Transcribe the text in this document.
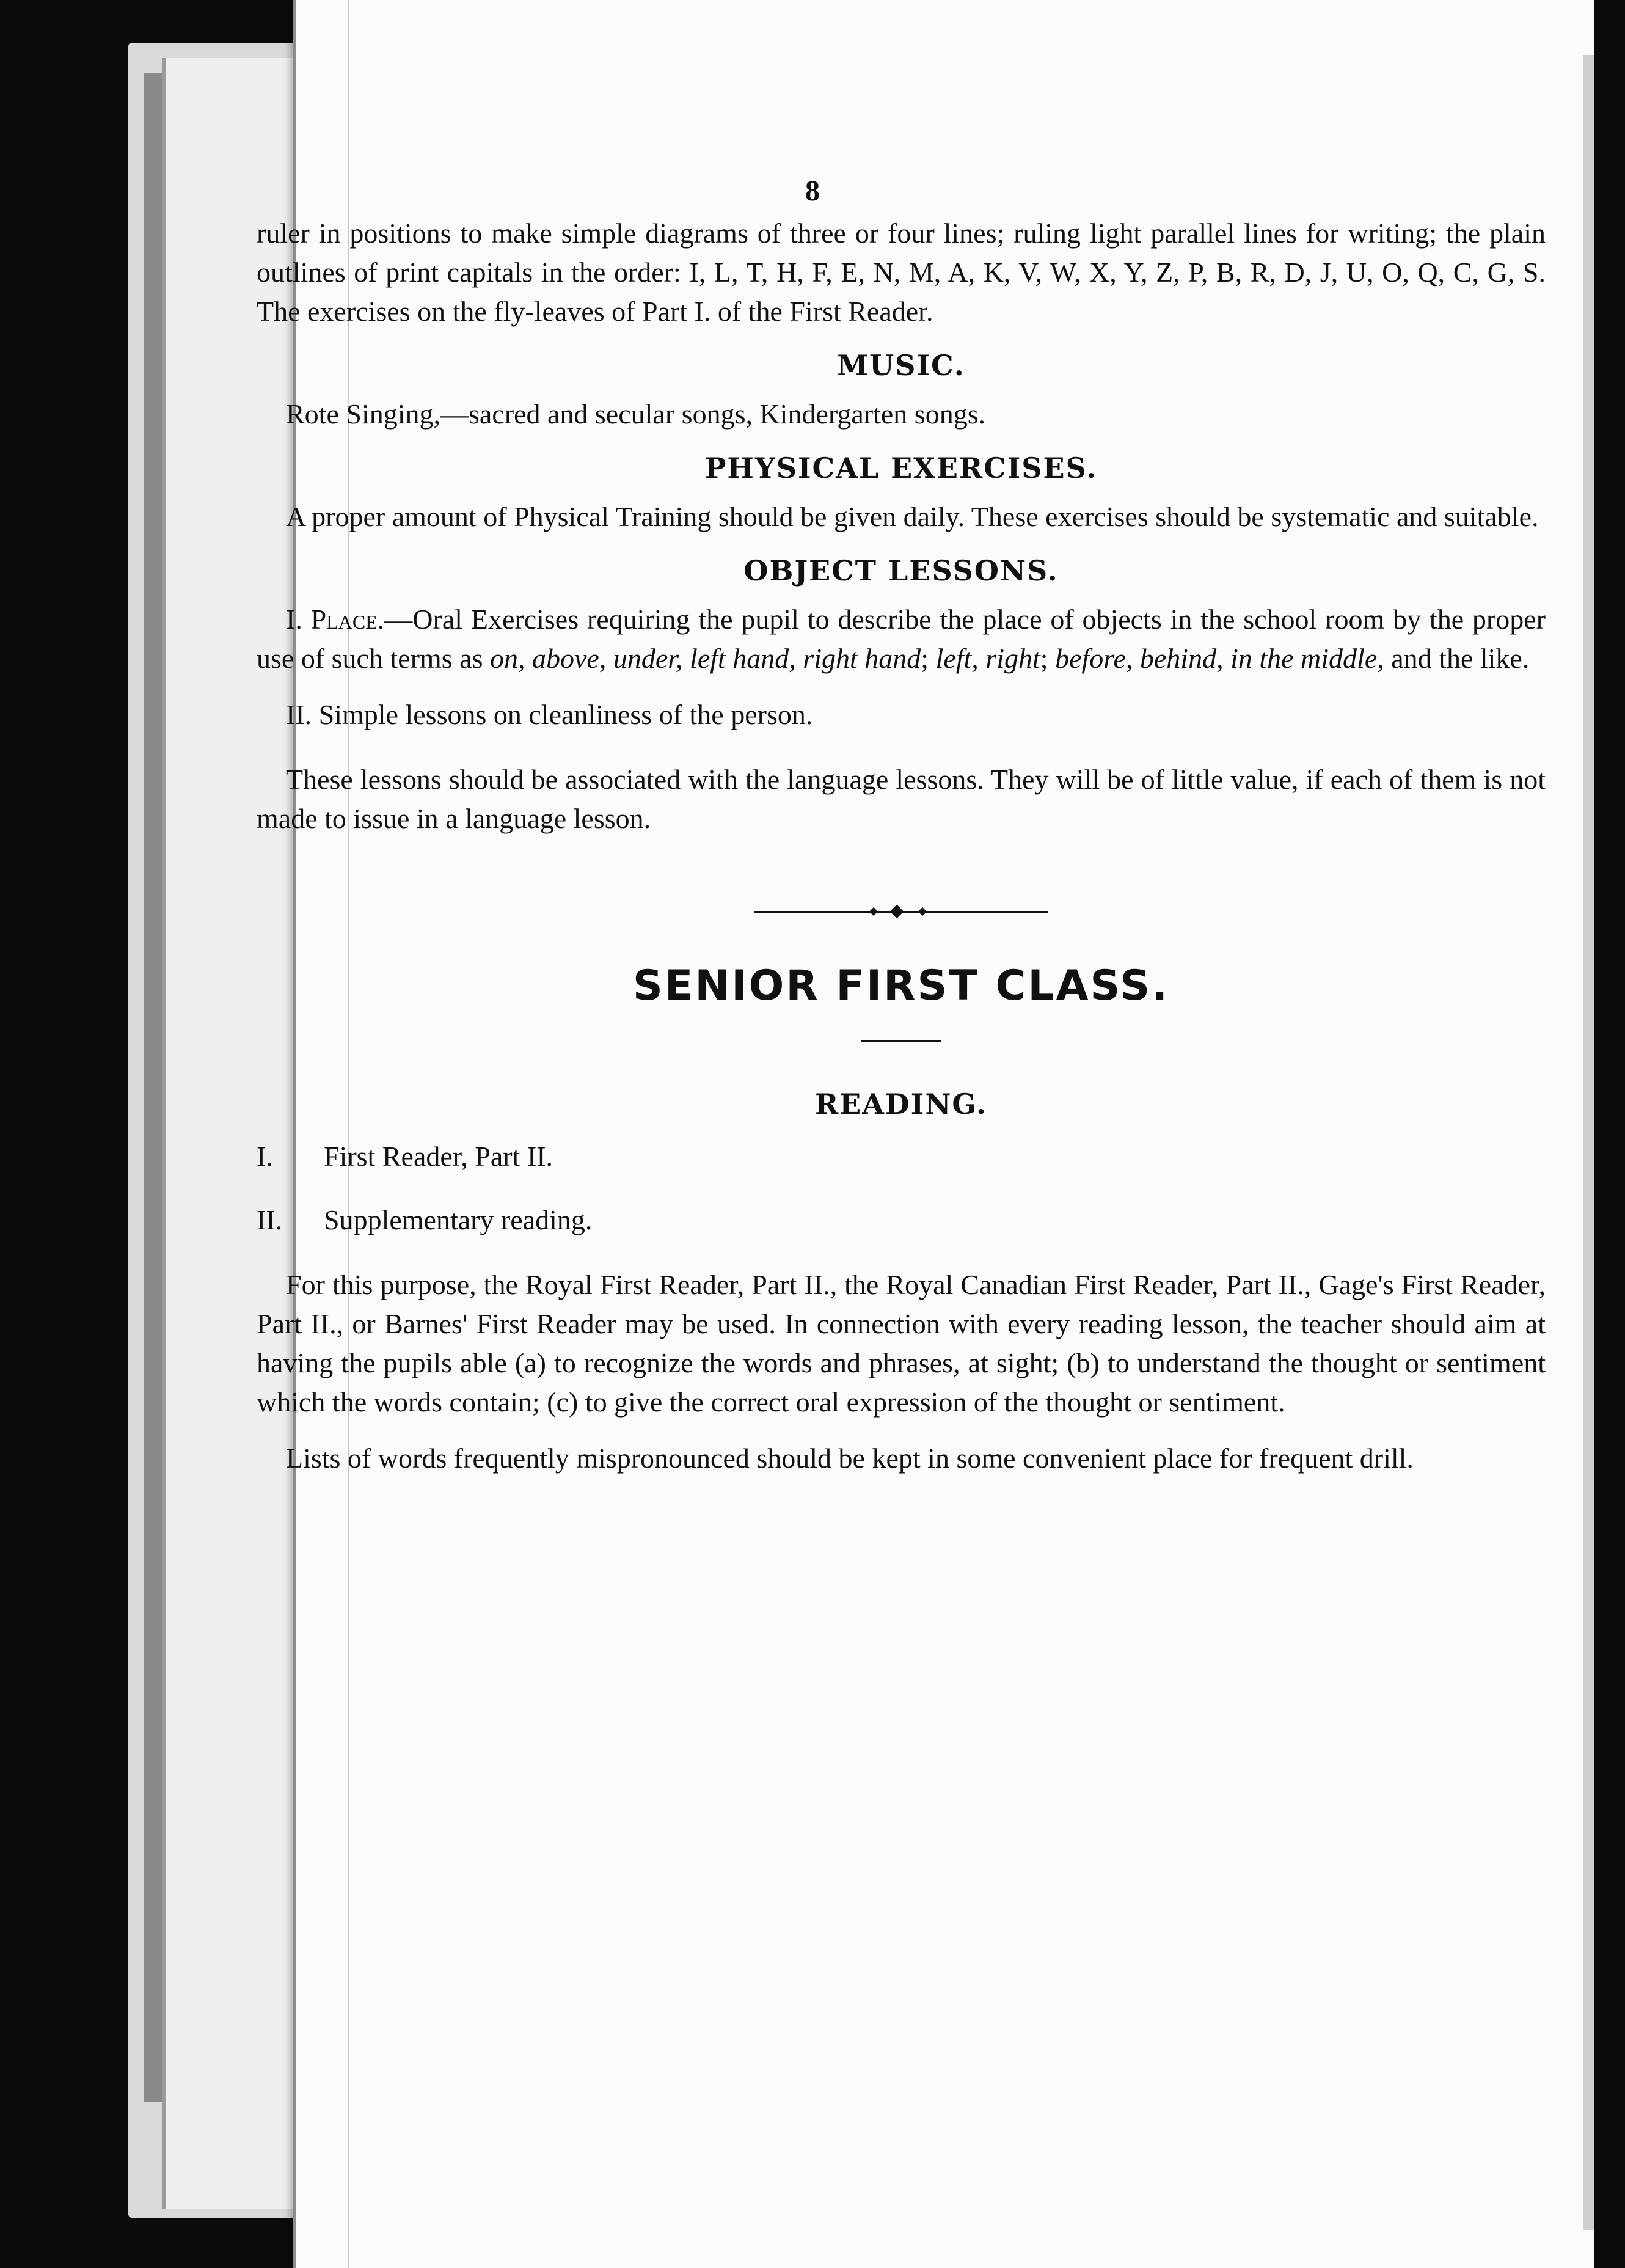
8

ruler in positions to make simple diagrams of three or four lines; ruling light parallel lines for writing; the plain outlines of print capitals in the order: I, L, T, H, F, E, N, M, A, K, V, W, X, Y, Z, P, B, R, D, J, U, O, Q, C, G, S. The exercises on the fly-leaves of Part I. of the First Reader.

MUSIC.

Rote Singing,—sacred and secular songs, Kindergarten songs.

PHYSICAL EXERCISES.

A proper amount of Physical Training should be given daily. These exercises should be systematic and suitable.

OBJECT LESSONS.

I. Place.—Oral Exercises requiring the pupil to describe the place of objects in the school room by the proper use of such terms as on, above, under, left hand, right hand; left, right; before, behind, in the middle, and the like.

II. Simple lessons on cleanliness of the person.

These lessons should be associated with the language lessons. They will be of little value, if each of them is not made to issue in a language lesson.

SENIOR FIRST CLASS.
READING.
I.	First Reader, Part II.
II.	Supplementary reading.

For this purpose, the Royal First Reader, Part II., the Royal Canadian First Reader, Part II., Gage's First Reader, Part II., or Barnes' First Reader may be used. In connection with every reading lesson, the teacher should aim at having the pupils able (a) to recognize the words and phrases, at sight; (b) to understand the thought or sentiment which the words contain; (c) to give the correct oral expression of the thought or sentiment.

Lists of words frequently mispronounced should be kept in some convenient place for frequent drill.
